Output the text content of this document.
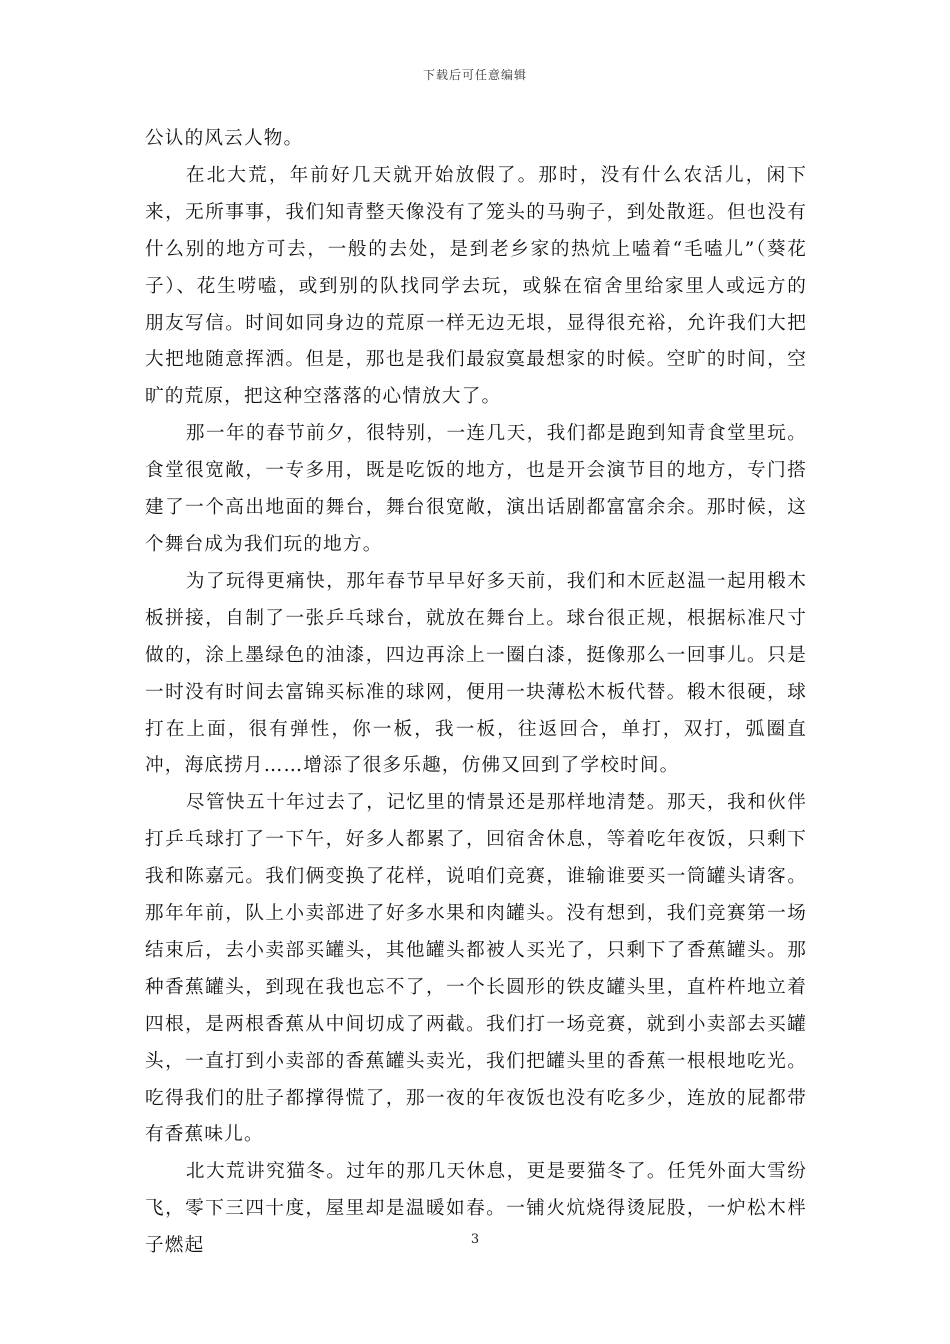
下载后可任意编辑

公认的风云人物。

在北大荒，年前好几天就开始放假了。那时，没有什么农活儿，闲下来，无所事事，我们知青整天像没有了笼头的马驹子，到处散逛。但也没有什么别的地方可去，一般的去处，是到老乡家的热炕上嗑着“毛嗑儿”（葵花子）、花生唠嗑，或到别的队找同学去玩，或躲在宿舍里给家里人或远方的朋友写信。时间如同身边的荒原一样无边无垠，显得很充裕，允许我们大把大把地随意挥洒。但是，那也是我们最寂寞最想家的时候。空旷的时间，空旷的荒原，把这种空落落的心情放大了。

那一年的春节前夕，很特别，一连几天，我们都是跑到知青食堂里玩。食堂很宽敞，一专多用，既是吃饭的地方，也是开会演节目的地方，专门搭建了一个高出地面的舞台，舞台很宽敞，演出话剧都富富余余。那时候，这个舞台成为我们玩的地方。

为了玩得更痛快，那年春节早早好多天前，我们和木匠赵温一起用椴木板拼接，自制了一张乒乓球台，就放在舞台上。球台很正规，根据标准尺寸做的，涂上墨绿色的油漆，四边再涂上一圈白漆，挺像那么一回事儿。只是一时没有时间去富锦买标准的球网，便用一块薄松木板代替。椴木很硬，球打在上面，很有弹性，你一板，我一板，往返回合，单打，双打，弧圈直冲，海底捞月……增添了很多乐趣，仿佛又回到了学校时间。

尽管快五十年过去了，记忆里的情景还是那样地清楚。那天，我和伙伴打乒乓球打了一下午，好多人都累了，回宿舍休息，等着吃年夜饭，只剩下我和陈嘉元。我们俩变换了花样，说咱们竞赛，谁输谁要买一筒罐头请客。那年年前，队上小卖部进了好多水果和肉罐头。没有想到，我们竞赛第一场结束后，去小卖部买罐头，其他罐头都被人买光了，只剩下了香蕉罐头。那种香蕉罐头，到现在我也忘不了，一个长圆形的铁皮罐头里，直杵杵地立着四根，是两根香蕉从中间切成了两截。我们打一场竞赛，就到小卖部去买罐头，一直打到小卖部的香蕉罐头卖光，我们把罐头里的香蕉一根根地吃光。吃得我们的肚子都撑得慌了，那一夜的年夜饭也没有吃多少，连放的屁都带有香蕉味儿。

北大荒讲究猫冬。过年的那几天休息，更是要猫冬了。任凭外面大雪纷飞，零下三四十度，屋里却是温暖如春。一铺火炕烧得烫屁股，一炉松木柈子燃起	3
